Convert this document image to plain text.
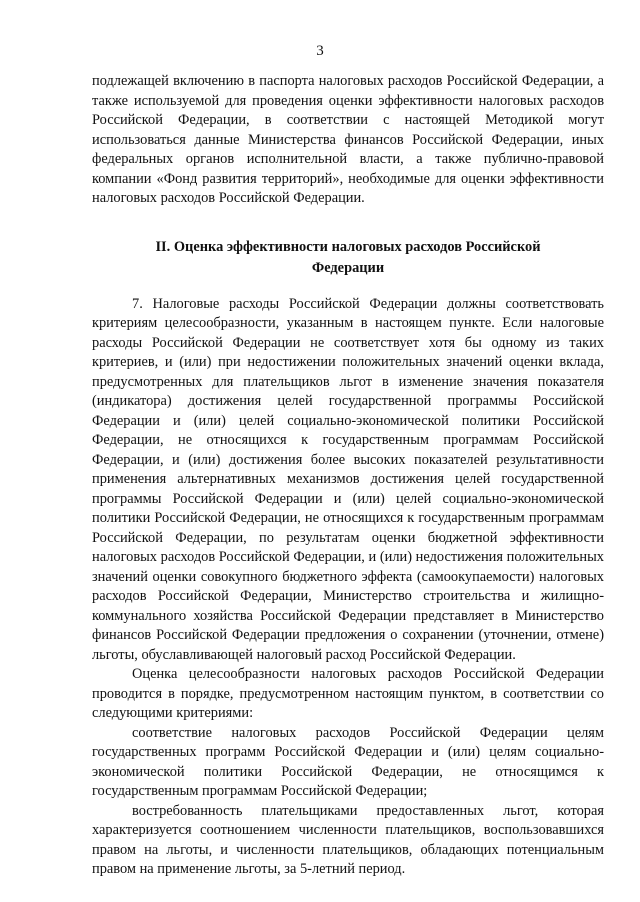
3

подлежащей включению в паспорта налоговых расходов Российской Федерации, а также используемой для проведения оценки эффективности налоговых расходов Российской Федерации, в соответствии с настоящей Методикой могут использоваться данные Министерства финансов Российской Федерации, иных федеральных органов исполнительной власти, а также публично-правовой компании «Фонд развития территорий», необходимые для оценки эффективности налоговых расходов Российской Федерации.

II. Оценка эффективности налоговых расходов Российской Федерации

7. Налоговые расходы Российской Федерации должны соответствовать критериям целесообразности, указанным в настоящем пункте. Если налоговые расходы Российской Федерации не соответствует хотя бы одному из таких критериев, и (или) при недостижении положительных значений оценки вклада, предусмотренных для плательщиков льгот в изменение значения показателя (индикатора) достижения целей государственной программы Российской Федерации и (или) целей социально-экономической политики Российской Федерации, не относящихся к государственным программам Российской Федерации, и (или) достижения более высоких показателей результативности применения альтернативных механизмов достижения целей государственной программы Российской Федерации и (или) целей социально-экономической политики Российской Федерации, не относящихся к государственным программам Российской Федерации, по результатам оценки бюджетной эффективности налоговых расходов Российской Федерации, и (или) недостижения положительных значений оценки совокупного бюджетного эффекта (самоокупаемости) налоговых расходов Российской Федерации, Министерство строительства и жилищно-коммунального хозяйства Российской Федерации представляет в Министерство финансов Российской Федерации предложения о сохранении (уточнении, отмене) льготы, обуславливающей налоговый расход Российской Федерации.

Оценка целесообразности налоговых расходов Российской Федерации проводится в порядке, предусмотренном настоящим пунктом, в соответствии со следующими критериями:

соответствие налоговых расходов Российской Федерации целям государственных программ Российской Федерации и (или) целям социально-экономической политики Российской Федерации, не относящимся к государственным программам Российской Федерации;

востребованность плательщиками предоставленных льгот, которая характеризуется соотношением численности плательщиков, воспользовавшихся правом на льготы, и численности плательщиков, обладающих потенциальным правом на применение льготы, за 5-летний период.
